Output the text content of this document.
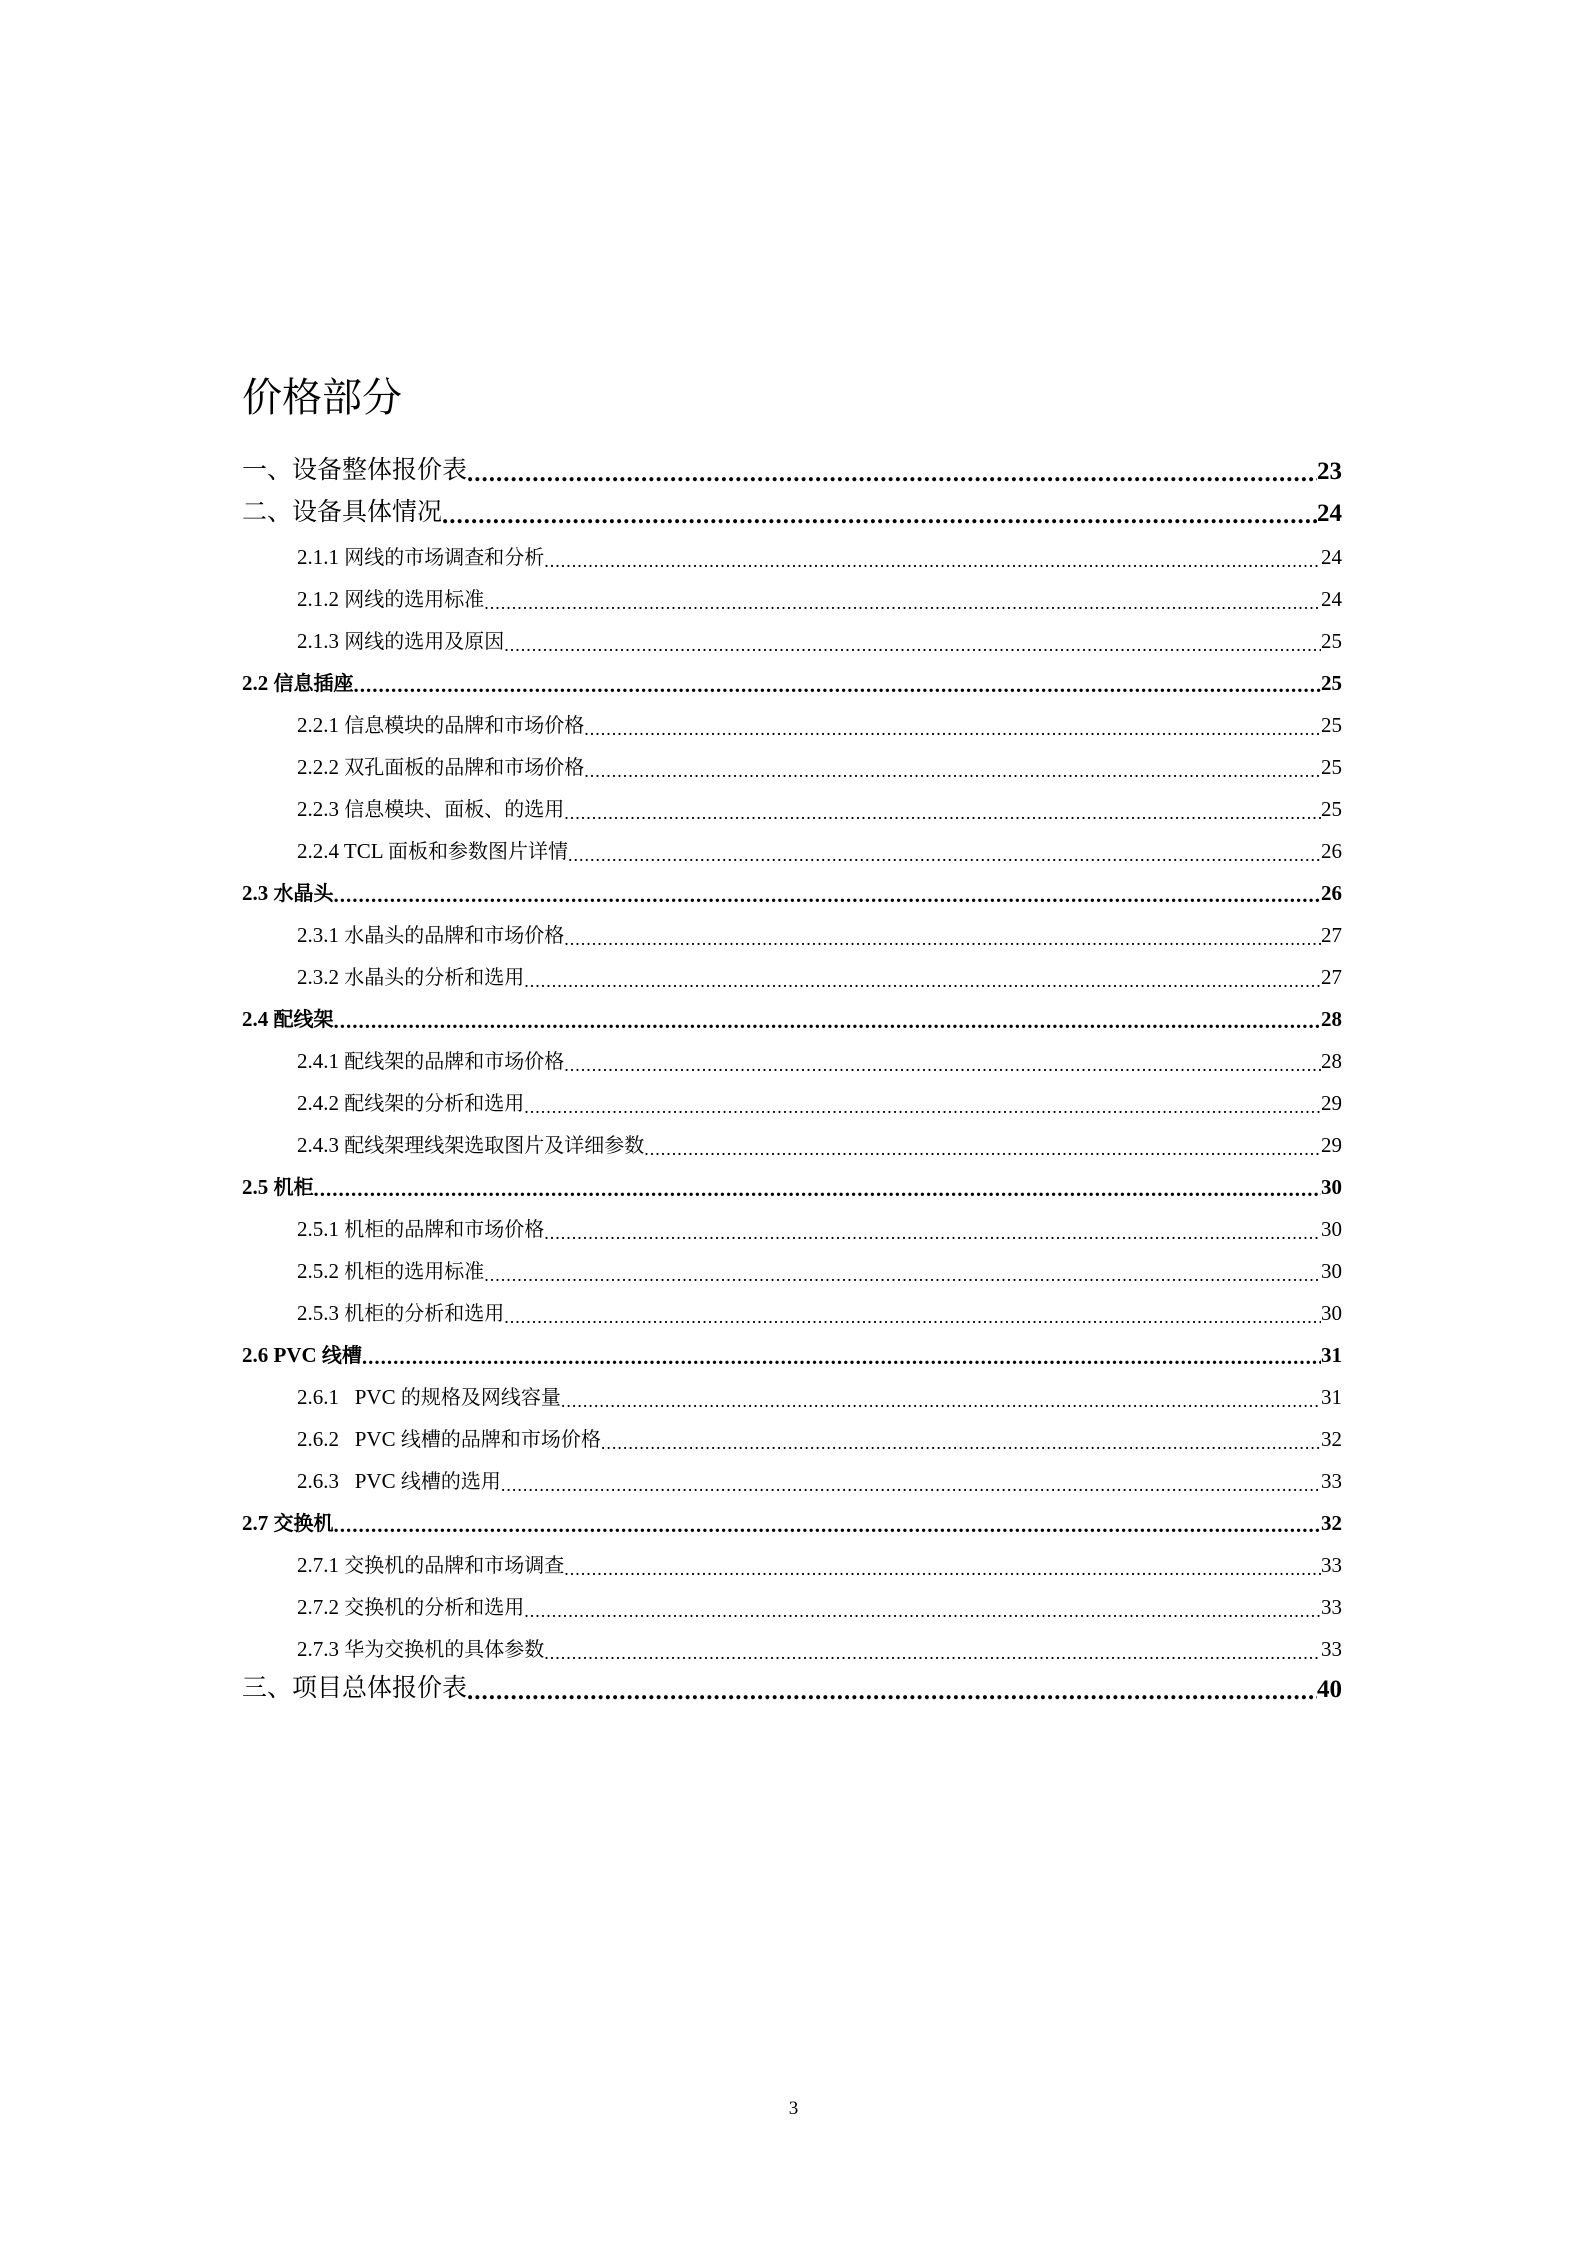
价格部分
一、设备整体报价表 .....	23
二、设备具体情况 .....	24
2.1.1 网线的市场调查和分析 .....	24
2.1.2 网线的选用标准 .....	24
2.1.3 网线的选用及原因 .....	25
2.2 信息插座 .....	25
2.2.1 信息模块的品牌和市场价格 .....	25
2.2.2 双孔面板的品牌和市场价格 .....	25
2.2.3 信息模块、面板、的选用 .....	25
2.2.4 TCL 面板和参数图片详情 .....	26
2.3 水晶头 .....	26
2.3.1 水晶头的品牌和市场价格 .....	27
2.3.2 水晶头的分析和选用 .....	27
2.4 配线架 .....	28
2.4.1 配线架的品牌和市场价格 .....	28
2.4.2 配线架的分析和选用 .....	29
2.4.3 配线架理线架选取图片及详细参数 .....	29
2.5 机柜 .....	30
2.5.1 机柜的品牌和市场价格 .....	30
2.5.2 机柜的选用标准 .....	30
2.5.3 机柜的分析和选用 .....	30
2.6 PVC 线槽 .....	31
2.6.1   PVC 的规格及网线容量 .....	31
2.6.2   PVC 线槽的品牌和市场价格 .....	32
2.6.3   PVC 线槽的选用 .....	33
2.7 交换机 .....	32
2.7.1 交换机的品牌和市场调查 .....	33
2.7.2 交换机的分析和选用 .....	33
2.7.3 华为交换机的具体参数 .....	33
三、项目总体报价表 .....	40
3
